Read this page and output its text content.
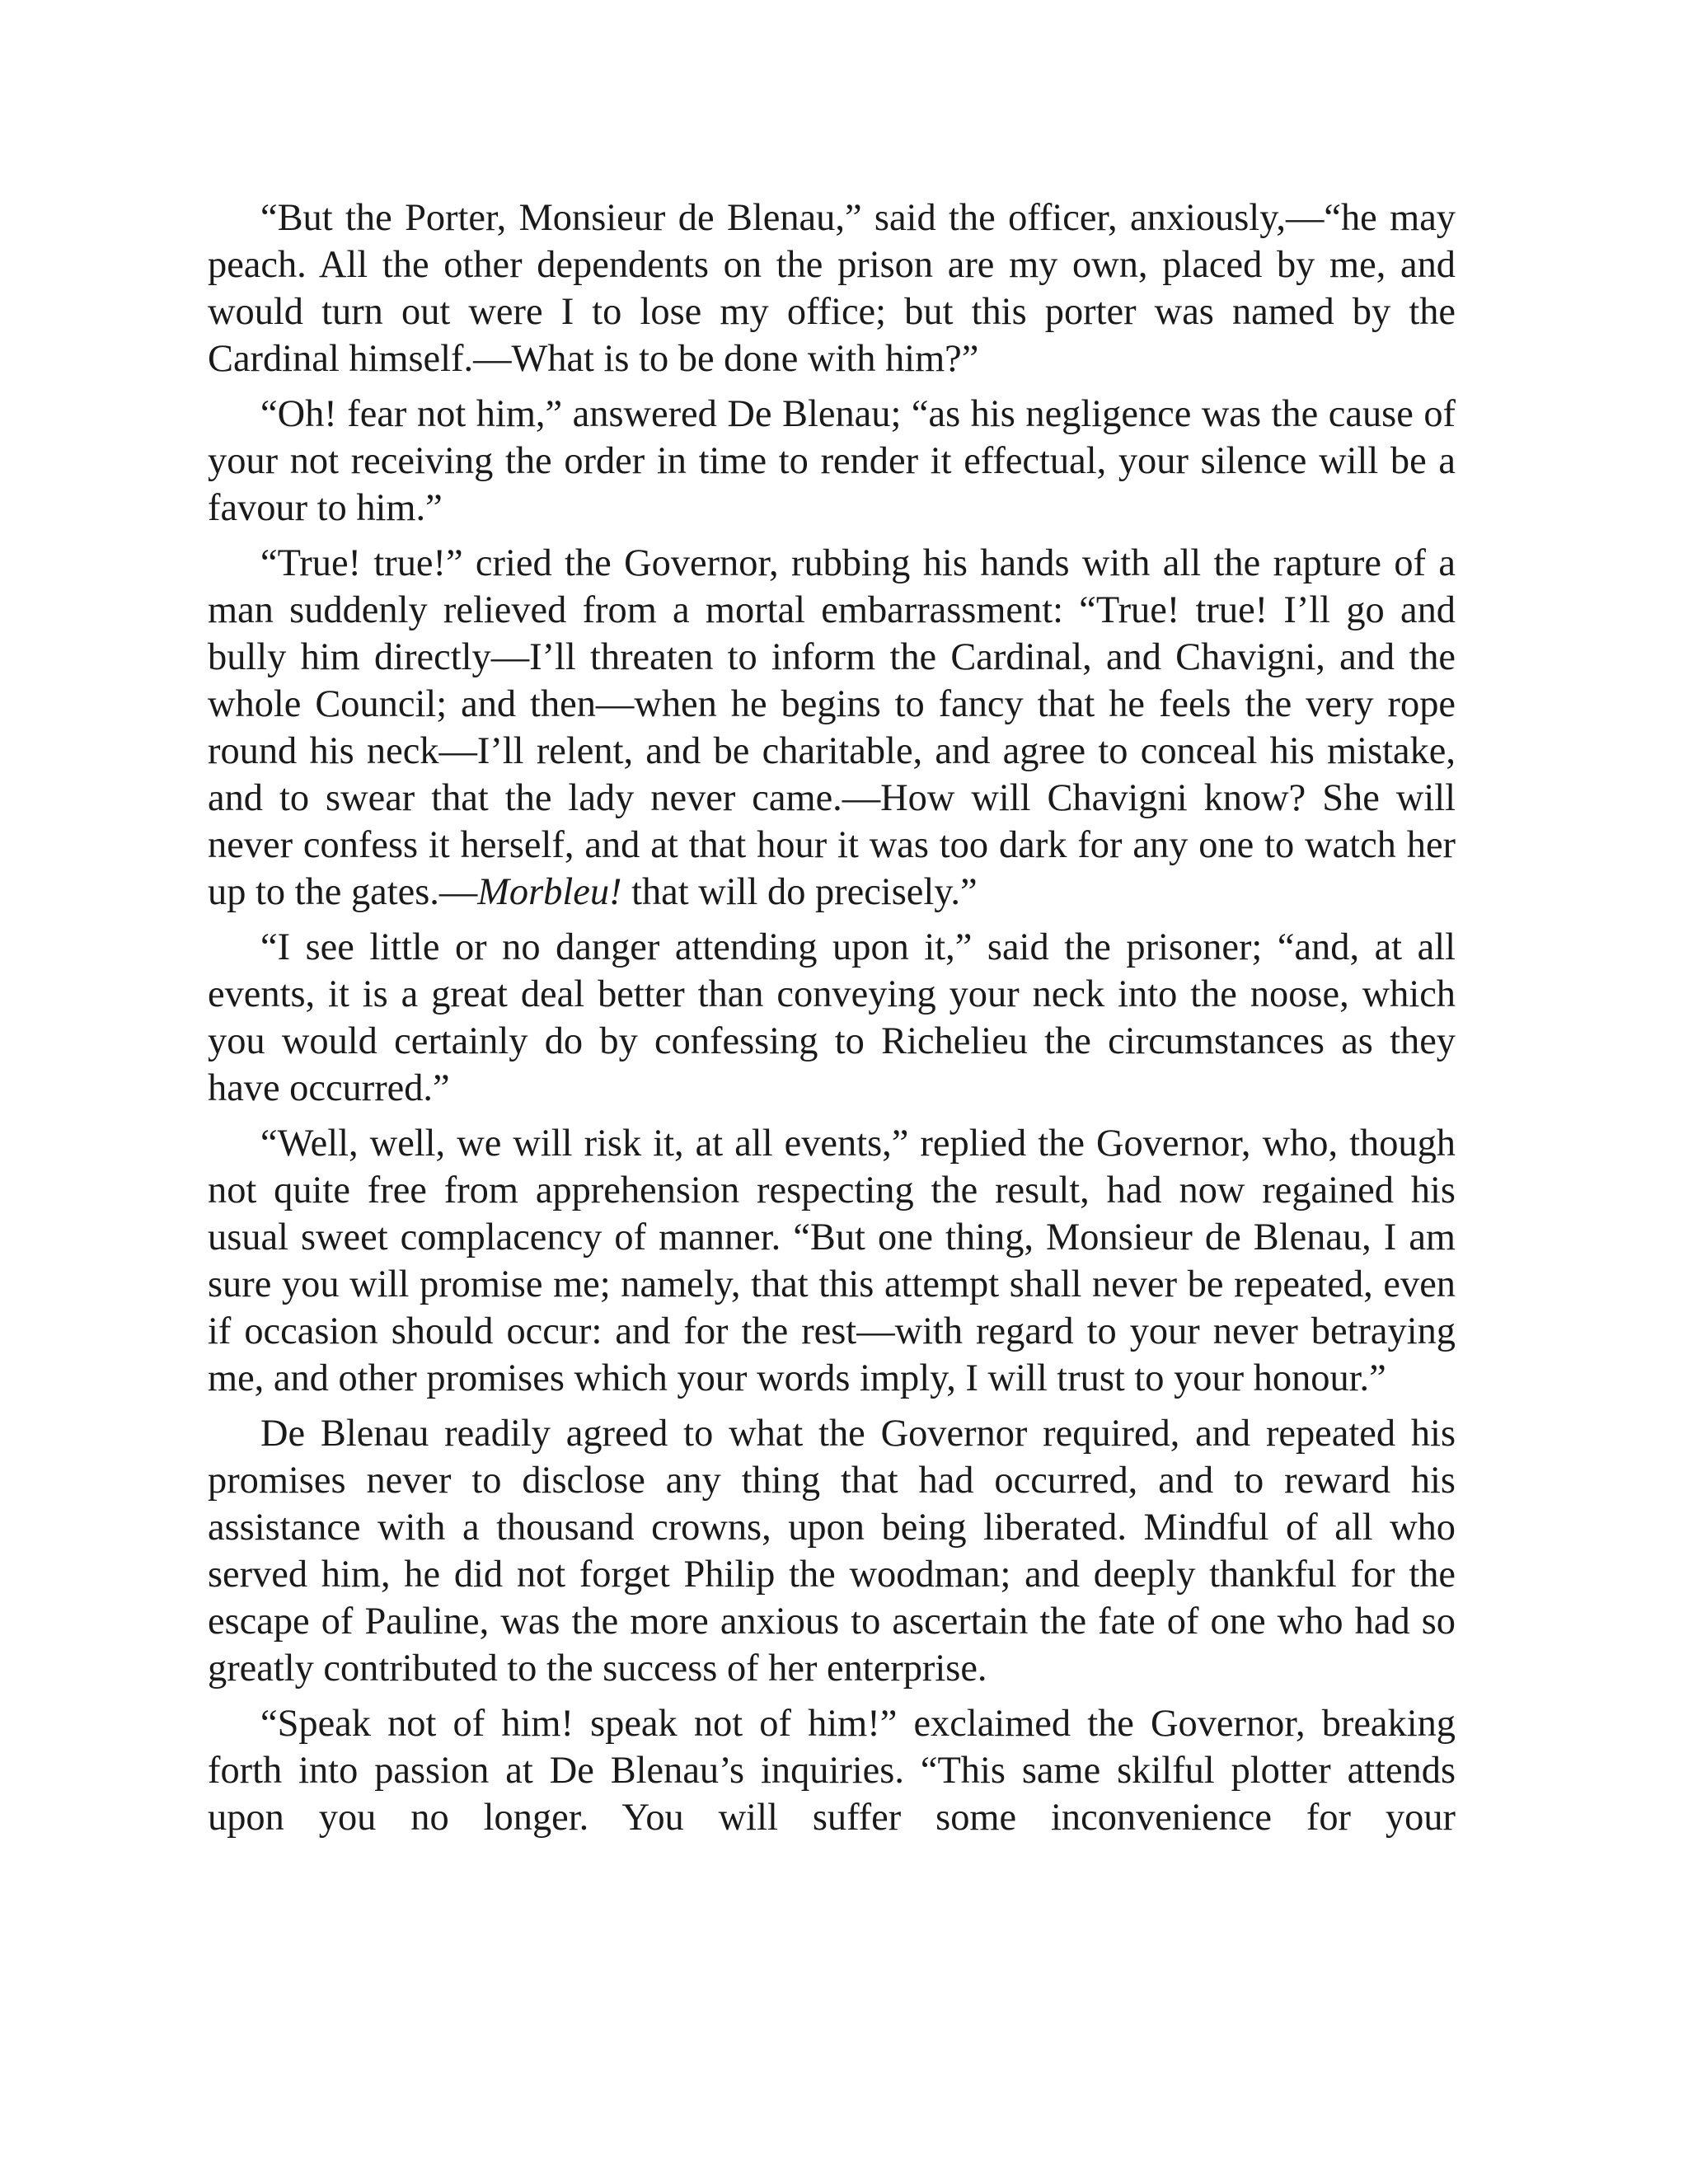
“But the Porter, Monsieur de Blenau,” said the officer, anxiously,—“he may peach. All the other dependents on the prison are my own, placed by me, and would turn out were I to lose my office; but this porter was named by the Cardinal himself.—What is to be done with him?”

“Oh! fear not him,” answered De Blenau; “as his negligence was the cause of your not receiving the order in time to render it effectual, your silence will be a favour to him.”

“True! true!” cried the Governor, rubbing his hands with all the rapture of a man suddenly relieved from a mortal embarrassment: “True! true! I’ll go and bully him directly—I’ll threaten to inform the Cardinal, and Chavigni, and the whole Council; and then—when he begins to fancy that he feels the very rope round his neck—I’ll relent, and be charitable, and agree to conceal his mistake, and to swear that the lady never came.—How will Chavigni know? She will never confess it herself, and at that hour it was too dark for any one to watch her up to the gates.—Morbleu! that will do precisely.”

“I see little or no danger attending upon it,” said the prisoner; “and, at all events, it is a great deal better than conveying your neck into the noose, which you would certainly do by confessing to Richelieu the circumstances as they have occurred.”

“Well, well, we will risk it, at all events,” replied the Governor, who, though not quite free from apprehension respecting the result, had now regained his usual sweet complacency of manner. “But one thing, Monsieur de Blenau, I am sure you will promise me; namely, that this attempt shall never be repeated, even if occasion should occur: and for the rest—with regard to your never betraying me, and other promises which your words imply, I will trust to your honour.”

De Blenau readily agreed to what the Governor required, and repeated his promises never to disclose any thing that had occurred, and to reward his assistance with a thousand crowns, upon being liberated. Mindful of all who served him, he did not forget Philip the woodman; and deeply thankful for the escape of Pauline, was the more anxious to ascertain the fate of one who had so greatly contributed to the success of her enterprise.

“Speak not of him! speak not of him!” exclaimed the Governor, breaking forth into passion at De Blenau’s inquiries. “This same skilful plotter attends upon you no longer. You will suffer some inconvenience for your
